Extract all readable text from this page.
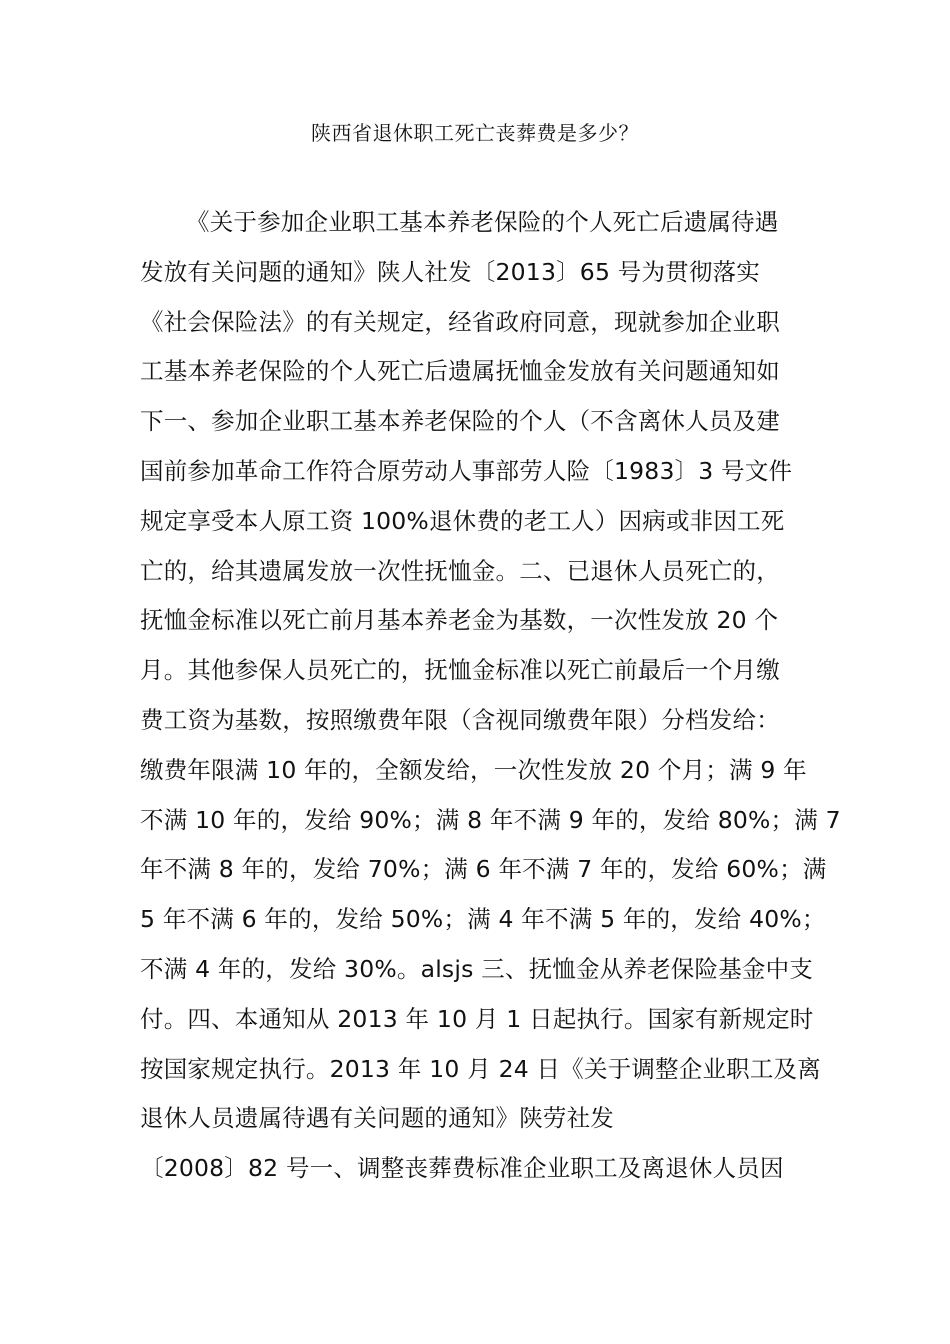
陕西省退休职工死亡丧葬费是多少？
《关于参加企业职工基本养老保险的个人死亡后遗属待遇
发放有关问题的通知》陕人社发〔2013〕65 号为贯彻落实
《社会保险法》的有关规定，经省政府同意，现就参加企业职
工基本养老保险的个人死亡后遗属抚恤金发放有关问题通知如
下一、参加企业职工基本养老保险的个人（不含离休人员及建
国前参加革命工作符合原劳动人事部劳人险〔1983〕3 号文件
规定享受本人原工资 100%退休费的老工人）因病或非因工死
亡的，给其遗属发放一次性抚恤金。二、已退休人员死亡的，
抚恤金标准以死亡前月基本养老金为基数，一次性发放 20 个
月。其他参保人员死亡的，抚恤金标准以死亡前最后一个月缴
费工资为基数，按照缴费年限（含视同缴费年限）分档发给：
缴费年限满 10 年的，全额发给，一次性发放 20 个月；满 9 年
不满 10 年的，发给 90%；满 8 年不满 9 年的，发给 80%；满 7
年不满 8 年的，发给 70%；满 6 年不满 7 年的，发给 60%；满
5 年不满 6 年的，发给 50%；满 4 年不满 5 年的，发给 40%；
不满 4 年的，发给 30%。alsjs 三、抚恤金从养老保险基金中支
付。四、本通知从 2013 年 10 月 1 日起执行。国家有新规定时
按国家规定执行。2013 年 10 月 24 日《关于调整企业职工及离
退休人员遗属待遇有关问题的通知》陕劳社发
〔2008〕82 号一、调整丧葬费标准企业职工及离退休人员因
